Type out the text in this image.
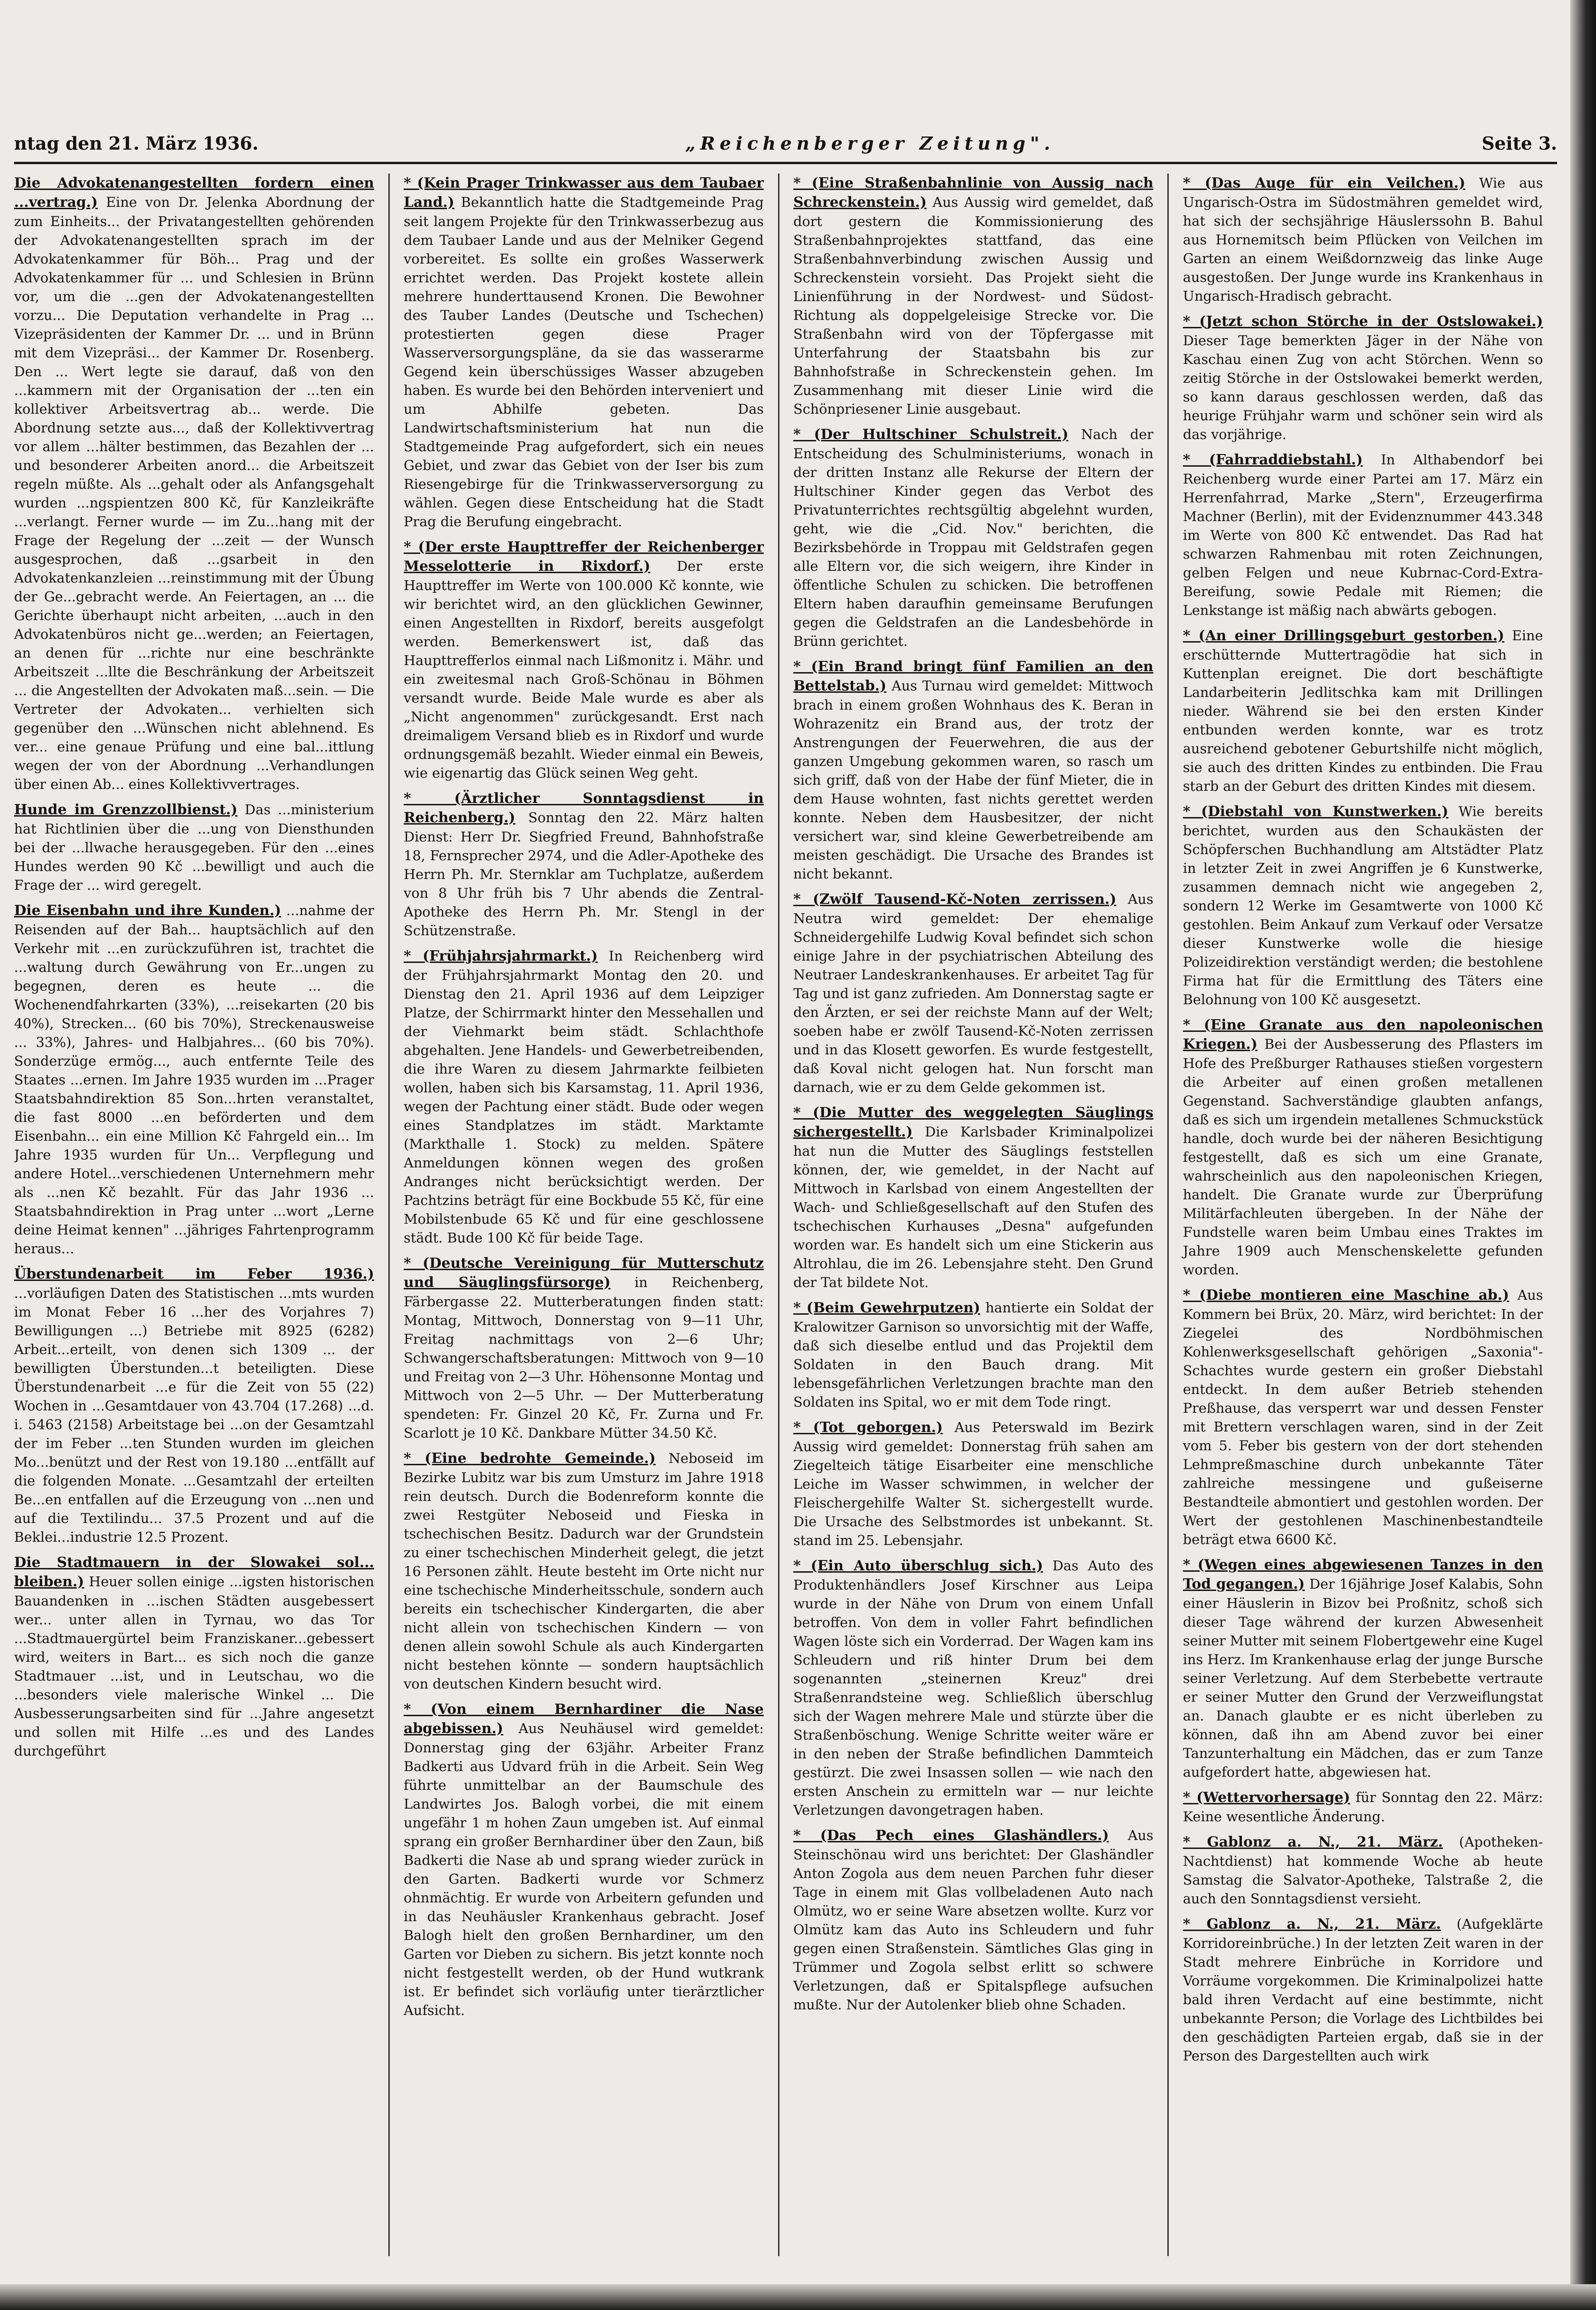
ntag den 21. März 1936.	„Reichenberger Zeitung".	Seite 3.
Die Advokatenangestellten fordern einen ...vertrag.) Eine von Dr. Jelenka Abordnung der zum Einheits... der Privatangestellten gehörenden der Advokatenangestellten sprach im der Advokatenkammer für Böh... Prag und der Advokatenkammer für ... und Schlesien in Brünn vor, um die ...gen der Advokatenangestellten vorzu... Die Deputation verhandelte in Prag ... Vizepräsidenten der Kammer Dr. ... und in Brünn mit dem Vizepräsi... der Kammer Dr. Rosenberg. Den ... Wert legte sie darauf, daß von den ...kammern mit der Organisation der ...ten ein kollektiver Arbeitsvertrag ab... werde. Die Abordnung setzte aus..., daß der Kollektivvertrag vor allem ...hälter bestimmen, das Bezahlen der ... und besonderer Arbeiten anord... die Arbeitszeit regeln müßte. Als ...gehalt oder als Anfangsgehalt wurden ...ngspientzen 800 Kč, für Kanzleikräfte ...verlangt. Ferner wurde — im Zu...hang mit der Frage der Regelung der ...zeit — der Wunsch ausgesprochen, daß ...gsarbeit in den Advokatenkanzleien ...reinstimmung mit der Übung der Ge...gebracht werde. An Feiertagen, an ... die Gerichte überhaupt nicht arbeiten, ...auch in den Advokatenbüros nicht ge...werden; an Feiertagen, an denen für ...richte nur eine beschränkte Arbeitszeit ...llte die Beschränkung der Arbeitszeit ... die Angestellten der Advokaten maß...sein. — Die Vertreter der Advokaten... verhielten sich gegenüber den ...Wünschen nicht ablehnend. Es ver... eine genaue Prüfung und eine bal...ittlung wegen der von der Abordnung ...Verhandlungen über einen Ab... eines Kollektivvertrages.
Hunde im Grenzzollbienst.) Das ...ministerium hat Richtlinien über die ...ung von Diensthunden bei der ...llwache herausgegeben. Für den ...eines Hundes werden 90 Kč ...bewilligt und auch die Frage der ... wird geregelt.
Die Eisenbahn und ihre Kunden.) ...nahme der Reisenden auf der Bah... hauptsächlich auf den Verkehr mit ...en zurückzuführen ist, trachtet die ...waltung durch Gewährung von Er...ungen zu begegnen, deren es heute ... die Wochenendfahrkarten (33%), ...reisekarten (20 bis 40%), Strecken... (60 bis 70%), Streckenausweise ... 33%), Jahres- und Halbjahres... (60 bis 70%). Sonderzüge ermög..., auch entfernte Teile des Staates ...ernen. Im Jahre 1935 wurden im ...Prager Staatsbahndirektion 85 Son...hrten veranstaltet, die fast 8000 ...en beförderten und dem Eisenbahn... ein eine Million Kč Fahrgeld ein... Im Jahre 1935 wurden für Un... Verpflegung und andere Hotel...verschiedenen Unternehmern mehr als ...nen Kč bezahlt. Für das Jahr 1936 ... Staatsbahndirektion in Prag unter ...wort „Lerne deine Heimat kennen" ...jähriges Fahrtenprogramm heraus...
Überstundenarbeit im Feber 1936.) ...vorläufigen Daten des Statistischen ...mts wurden im Monat Feber 16 ...her des Vorjahres 7) Bewilligungen ...) Betriebe mit 8925 (6282) Arbeit...erteilt, von denen sich 1309 ... der bewilligten Überstunden...t beteiligten. Diese Überstundenarbeit ...e für die Zeit von 55 (22) Wochen in ...Gesamtdauer von 43.704 (17.268) ...d. i. 5463 (2158) Arbeitstage bei ...on der Gesamtzahl der im Feber ...ten Stunden wurden im gleichen Mo...benützt und der Rest von 19.180 ...entfällt auf die folgenden Monate. ...Gesamtzahl der erteilten Be...en entfallen auf die Erzeugung von ...nen und auf die Textilindu... 37.5 Prozent und auf die Beklei...industrie 12.5 Prozent.
Die Stadtmauern in der Slowakei sol... bleiben.) Heuer sollen einige ...igsten historischen Bauandenken in ...ischen Städten ausgebessert wer... unter allen in Tyrnau, wo das Tor ...Stadtmauergürtel beim Franziskaner...gebessert wird, weiters in Bart... es sich noch die ganze Stadtmauer ...ist, und in Leutschau, wo die ...besonders viele malerische Winkel ... Die Ausbesserungsarbeiten sind für ...Jahre angesetzt und sollen mit Hilfe ...es und des Landes durchgeführt
* (Kein Prager Trinkwasser aus dem Taubaer Land.) Bekanntlich hatte die Stadtgemeinde Prag seit langem Projekte für den Trinkwasserbezug aus dem Taubaer Lande und aus der Melniker Gegend vorbereitet. Es sollte ein großes Wasserwerk errichtet werden. Das Projekt kostete allein mehrere hunderttausend Kronen. Die Bewohner des Tauber Landes (Deutsche und Tschechen) protestierten gegen diese Prager Wasserversorgungspläne, da sie das wasserarme Gegend kein überschüssiges Wasser abzugeben haben. Es wurde bei den Behörden interveniert und um Abhilfe gebeten. Das Landwirtschaftsministerium hat nun die Stadtgemeinde Prag aufgefordert, sich ein neues Gebiet, und zwar das Gebiet von der Iser bis zum Riesengebirge für die Trinkwasserversorgung zu wählen. Gegen diese Entscheidung hat die Stadt Prag die Berufung eingebracht.
* (Der erste Haupttreffer der Reichenberger Messelotterie in Rixdorf.) Der erste Haupttreffer im Werte von 100.000 Kč konnte, wie wir berichtet wird, an den glücklichen Gewinner, einen Angestellten in Rixdorf, bereits ausgefolgt werden. Bemerkenswert ist, daß das Haupttrefferlos einmal nach Lißmonitz i. Mähr. und ein zweitesmal nach Groß-Schönau in Böhmen versandt wurde. Beide Male wurde es aber als „Nicht angenommen" zurückgesandt. Erst nach dreimaligem Versand blieb es in Rixdorf und wurde ordnungsgemäß bezahlt. Wieder einmal ein Beweis, wie eigenartig das Glück seinen Weg geht.
* (Ärztlicher Sonntagsdienst in Reichenberg.) Sonntag den 22. März halten Dienst: Herr Dr. Siegfried Freund, Bahnhofstraße 18, Fernsprecher 2974, und die Adler-Apotheke des Herrn Ph. Mr. Sternklar am Tuchplatze, außerdem von 8 Uhr früh bis 7 Uhr abends die Zentral-Apotheke des Herrn Ph. Mr. Stengl in der Schützenstraße.
* (Frühjahrsjahrmarkt.) In Reichenberg wird der Frühjahrsjahrmarkt Montag den 20. und Dienstag den 21. April 1936 auf dem Leipziger Platze, der Schirrmarkt hinter den Messehallen und der Viehmarkt beim städt. Schlachthofe abgehalten. Jene Handels- und Gewerbetreibenden, die ihre Waren zu diesem Jahrmarkte feilbieten wollen, haben sich bis Karsamstag, 11. April 1936, wegen der Pachtung einer städt. Bude oder wegen eines Standplatzes im städt. Marktamte (Markthalle 1. Stock) zu melden. Spätere Anmeldungen können wegen des großen Andranges nicht berücksichtigt werden. Der Pachtzins beträgt für eine Bockbude 55 Kč, für eine Mobilstenbude 65 Kč und für eine geschlossene städt. Bude 100 Kč für beide Tage.
* (Deutsche Vereinigung für Mutterschutz und Säuglingsfürsorge) in Reichenberg, Färbergasse 22. Mutterberatungen finden statt: Montag, Mittwoch, Donnerstag von 9—11 Uhr, Freitag nachmittags von 2—6 Uhr; Schwangerschaftsberatungen: Mittwoch von 9—10 und Freitag von 2—3 Uhr. Höhensonne Montag und Mittwoch von 2—5 Uhr. — Der Mutterberatung spendeten: Fr. Ginzel 20 Kč, Fr. Zurna und Fr. Scarlott je 10 Kč. Dankbare Mütter 34.50 Kč.
* (Eine bedrohte Gemeinde.) Neboseid im Bezirke Lubitz war bis zum Umsturz im Jahre 1918 rein deutsch. Durch die Bodenreform konnte die zwei Restgüter Neboseid und Fieska in tschechischen Besitz. Dadurch war der Grundstein zu einer tschechischen Minderheit gelegt, die jetzt 16 Personen zählt. Heute besteht im Orte nicht nur eine tschechische Minderheitsschule, sondern auch bereits ein tschechischer Kindergarten, die aber nicht allein von tschechischen Kindern — von denen allein sowohl Schule als auch Kindergarten nicht bestehen könnte — sondern hauptsächlich von deutschen Kindern besucht wird.
* (Von einem Bernhardiner die Nase abgebissen.) Aus Neuhäusel wird gemeldet: Donnerstag ging der 63jähr. Arbeiter Franz Badkerti aus Udvard früh in die Arbeit. Sein Weg führte unmittelbar an der Baumschule des Landwirtes Jos. Balogh vorbei, die mit einem ungefähr 1 m hohen Zaun umgeben ist. Auf einmal sprang ein großer Bernhardiner über den Zaun, biß Badkerti die Nase ab und sprang wieder zurück in den Garten. Badkerti wurde vor Schmerz ohnmächtig. Er wurde von Arbeitern gefunden und in das Neuhäusler Krankenhaus gebracht. Josef Balogh hielt den großen Bernhardiner, um den Garten vor Dieben zu sichern. Bis jetzt konnte noch nicht festgestellt werden, ob der Hund wutkrank ist. Er befindet sich vorläufig unter tierärztlicher Aufsicht.
* (Eine Straßenbahnlinie von Aussig nach Schreckenstein.) Aus Aussig wird gemeldet, daß dort gestern die Kommissionierung des Straßenbahnprojektes stattfand, das eine Straßenbahnverbindung zwischen Aussig und Schreckenstein vorsieht. Das Projekt sieht die Linienführung in der Nordwest- und Südost-Richtung als doppelgeleisige Strecke vor. Die Straßenbahn wird von der Töpfergasse mit Unterfahrung der Staatsbahn bis zur Bahnhofstraße in Schreckenstein gehen. Im Zusammenhang mit dieser Linie wird die Schönpriesener Linie ausgebaut.
* (Der Hultschiner Schulstreit.) Nach der Entscheidung des Schulministeriums, wonach in der dritten Instanz alle Rekurse der Eltern der Hultschiner Kinder gegen das Verbot des Privatunterrichtes rechtsgültig abgelehnt wurden, geht, wie die „Cid. Nov." berichten, die Bezirksbehörde in Troppau mit Geldstrafen gegen alle Eltern vor, die sich weigern, ihre Kinder in öffentliche Schulen zu schicken. Die betroffenen Eltern haben daraufhin gemeinsame Berufungen gegen die Geldstrafen an die Landesbehörde in Brünn gerichtet.
* (Ein Brand bringt fünf Familien an den Bettelstab.) Aus Turnau wird gemeldet: Mittwoch brach in einem großen Wohnhaus des K. Beran in Wohrazenitz ein Brand aus, der trotz der Anstrengungen der Feuerwehren, die aus der ganzen Umgebung gekommen waren, so rasch um sich griff, daß von der Habe der fünf Mieter, die in dem Hause wohnten, fast nichts gerettet werden konnte. Neben dem Hausbesitzer, der nicht versichert war, sind kleine Gewerbetreibende am meisten geschädigt. Die Ursache des Brandes ist nicht bekannt.
* (Zwölf Tausend-Kč-Noten zerrissen.) Aus Neutra wird gemeldet: Der ehemalige Schneidergehilfe Ludwig Koval befindet sich schon einige Jahre in der psychiatrischen Abteilung des Neutraer Landeskrankenhauses. Er arbeitet Tag für Tag und ist ganz zufrieden. Am Donnerstag sagte er den Ärzten, er sei der reichste Mann auf der Welt; soeben habe er zwölf Tausend-Kč-Noten zerrissen und in das Klosett geworfen. Es wurde festgestellt, daß Koval nicht gelogen hat. Nun forscht man darnach, wie er zu dem Gelde gekommen ist.
* (Die Mutter des weggelegten Säuglings sichergestellt.) Die Karlsbader Kriminalpolizei hat nun die Mutter des Säuglings feststellen können, der, wie gemeldet, in der Nacht auf Mittwoch in Karlsbad von einem Angestellten der Wach- und Schließgesellschaft auf den Stufen des tschechischen Kurhauses „Desna" aufgefunden worden war. Es handelt sich um eine Stickerin aus Altrohlau, die im 26. Lebensjahre steht. Den Grund der Tat bildete Not.
* (Beim Gewehrputzen) hantierte ein Soldat der Kralowitzer Garnison so unvorsichtig mit der Waffe, daß sich dieselbe entlud und das Projektil dem Soldaten in den Bauch drang. Mit lebensgefährlichen Verletzungen brachte man den Soldaten ins Spital, wo er mit dem Tode ringt.
* (Tot geborgen.) Aus Peterswald im Bezirk Aussig wird gemeldet: Donnerstag früh sahen am Ziegelteich tätige Eisarbeiter eine menschliche Leiche im Wasser schwimmen, in welcher der Fleischergehilfe Walter St. sichergestellt wurde. Die Ursache des Selbstmordes ist unbekannt. St. stand im 25. Lebensjahr.
* (Ein Auto überschlug sich.) Das Auto des Produktenhändlers Josef Kirschner aus Leipa wurde in der Nähe von Drum von einem Unfall betroffen. Von dem in voller Fahrt befindlichen Wagen löste sich ein Vorderrad. Der Wagen kam ins Schleudern und riß hinter Drum bei dem sogenannten „steinernen Kreuz" drei Straßenrandsteine weg. Schließlich überschlug sich der Wagen mehrere Male und stürzte über die Straßenböschung. Wenige Schritte weiter wäre er in den neben der Straße befindlichen Dammteich gestürzt. Die zwei Insassen sollen — wie nach den ersten Anschein zu ermitteln war — nur leichte Verletzungen davongetragen haben.
* (Das Pech eines Glashändlers.) Aus Steinschönau wird uns berichtet: Der Glashändler Anton Zogola aus dem neuen Parchen fuhr dieser Tage in einem mit Glas vollbeladenen Auto nach Olmütz, wo er seine Ware absetzen wollte. Kurz vor Olmütz kam das Auto ins Schleudern und fuhr gegen einen Straßenstein. Sämtliches Glas ging in Trümmer und Zogola selbst erlitt so schwere Verletzungen, daß er Spitalspflege aufsuchen mußte. Nur der Autolenker blieb ohne Schaden.
* (Das Auge für ein Veilchen.) Wie aus Ungarisch-Ostra im Südostmähren gemeldet wird, hat sich der sechsjährige Häuslerssohn B. Bahul aus Hornemitsch beim Pflücken von Veilchen im Garten an einem Weißdornzweig das linke Auge ausgestoßen. Der Junge wurde ins Krankenhaus in Ungarisch-Hradisch gebracht.
* (Jetzt schon Störche in der Ostslowakei.) Dieser Tage bemerkten Jäger in der Nähe von Kaschau einen Zug von acht Störchen. Wenn so zeitig Störche in der Ostslowakei bemerkt werden, so kann daraus geschlossen werden, daß das heurige Frühjahr warm und schöner sein wird als das vorjährige.
* (Fahrraddiebstahl.) In Althabendorf bei Reichenberg wurde einer Partei am 17. März ein Herrenfahrrad, Marke „Stern", Erzeugerfirma Machner (Berlin), mit der Evidenznummer 443.348 im Werte von 800 Kč entwendet. Das Rad hat schwarzen Rahmenbau mit roten Zeichnungen, gelben Felgen und neue Kubrnac-Cord-Extra-Bereifung, sowie Pedale mit Riemen; die Lenkstange ist mäßig nach abwärts gebogen.
* (An einer Drillingsgeburt gestorben.) Eine erschütternde Muttertragödie hat sich in Kuttenplan ereignet. Die dort beschäftigte Landarbeiterin Jedlitschka kam mit Drillingen nieder. Während sie bei den ersten Kinder entbunden werden konnte, war es trotz ausreichend gebotener Geburtshilfe nicht möglich, sie auch des dritten Kindes zu entbinden. Die Frau starb an der Geburt des dritten Kindes mit diesem.
* (Diebstahl von Kunstwerken.) Wie bereits berichtet, wurden aus den Schaukästen der Schöpferschen Buchhandlung am Altstädter Platz in letzter Zeit in zwei Angriffen je 6 Kunstwerke, zusammen demnach nicht wie angegeben 2, sondern 12 Werke im Gesamtwerte von 1000 Kč gestohlen. Beim Ankauf zum Verkauf oder Versatze dieser Kunstwerke wolle die hiesige Polizeidirektion verständigt werden; die bestohlene Firma hat für die Ermittlung des Täters eine Belohnung von 100 Kč ausgesetzt.
* (Eine Granate aus den napoleonischen Kriegen.) Bei der Ausbesserung des Pflasters im Hofe des Preßburger Rathauses stießen vorgestern die Arbeiter auf einen großen metallenen Gegenstand. Sachverständige glaubten anfangs, daß es sich um irgendein metallenes Schmuckstück handle, doch wurde bei der näheren Besichtigung festgestellt, daß es sich um eine Granate, wahrscheinlich aus den napoleonischen Kriegen, handelt. Die Granate wurde zur Überprüfung Militärfachleuten übergeben. In der Nähe der Fundstelle waren beim Umbau eines Traktes im Jahre 1909 auch Menschenskelette gefunden worden.
* (Diebe montieren eine Maschine ab.) Aus Kommern bei Brüx, 20. März, wird berichtet: In der Ziegelei des Nordböhmischen Kohlenwerksgesellschaft gehörigen „Saxonia"-Schachtes wurde gestern ein großer Diebstahl entdeckt. In dem außer Betrieb stehenden Preßhause, das versperrt war und dessen Fenster mit Brettern verschlagen waren, sind in der Zeit vom 5. Feber bis gestern von der dort stehenden Lehmpreßmaschine durch unbekannte Täter zahlreiche messingene und gußeiserne Bestandteile abmontiert und gestohlen worden. Der Wert der gestohlenen Maschinenbestandteile beträgt etwa 6600 Kč.
* (Wegen eines abgewiesenen Tanzes in den Tod gegangen.) Der 16jährige Josef Kalabis, Sohn einer Häuslerin in Bizov bei Proßnitz, schoß sich dieser Tage während der kurzen Abwesenheit seiner Mutter mit seinem Flobertgewehr eine Kugel ins Herz. Im Krankenhause erlag der junge Bursche seiner Verletzung. Auf dem Sterbebette vertraute er seiner Mutter den Grund der Verzweiflungstat an. Danach glaubte er es nicht überleben zu können, daß ihn am Abend zuvor bei einer Tanzunterhaltung ein Mädchen, das er zum Tanze aufgefordert hatte, abgewiesen hat.
* (Wettervorhersage) für Sonntag den 22. März: Keine wesentliche Änderung.
* Gablonz a. N., 21. März. (Apotheken-Nachtdienst) hat kommende Woche ab heute Samstag die Salvator-Apotheke, Talstraße 2, die auch den Sonntagsdienst versieht.
* Gablonz a. N., 21. März. (Aufgeklärte Korridoreinbrüche.) In der letzten Zeit waren in der Stadt mehrere Einbrüche in Korridore und Vorräume vorgekommen. Die Kriminalpolizei hatte bald ihren Verdacht auf eine bestimmte, nicht unbekannte Person; die Vorlage des Lichtbildes bei den geschädigten Parteien ergab, daß sie in der Person des Dargestellten auch wirk
